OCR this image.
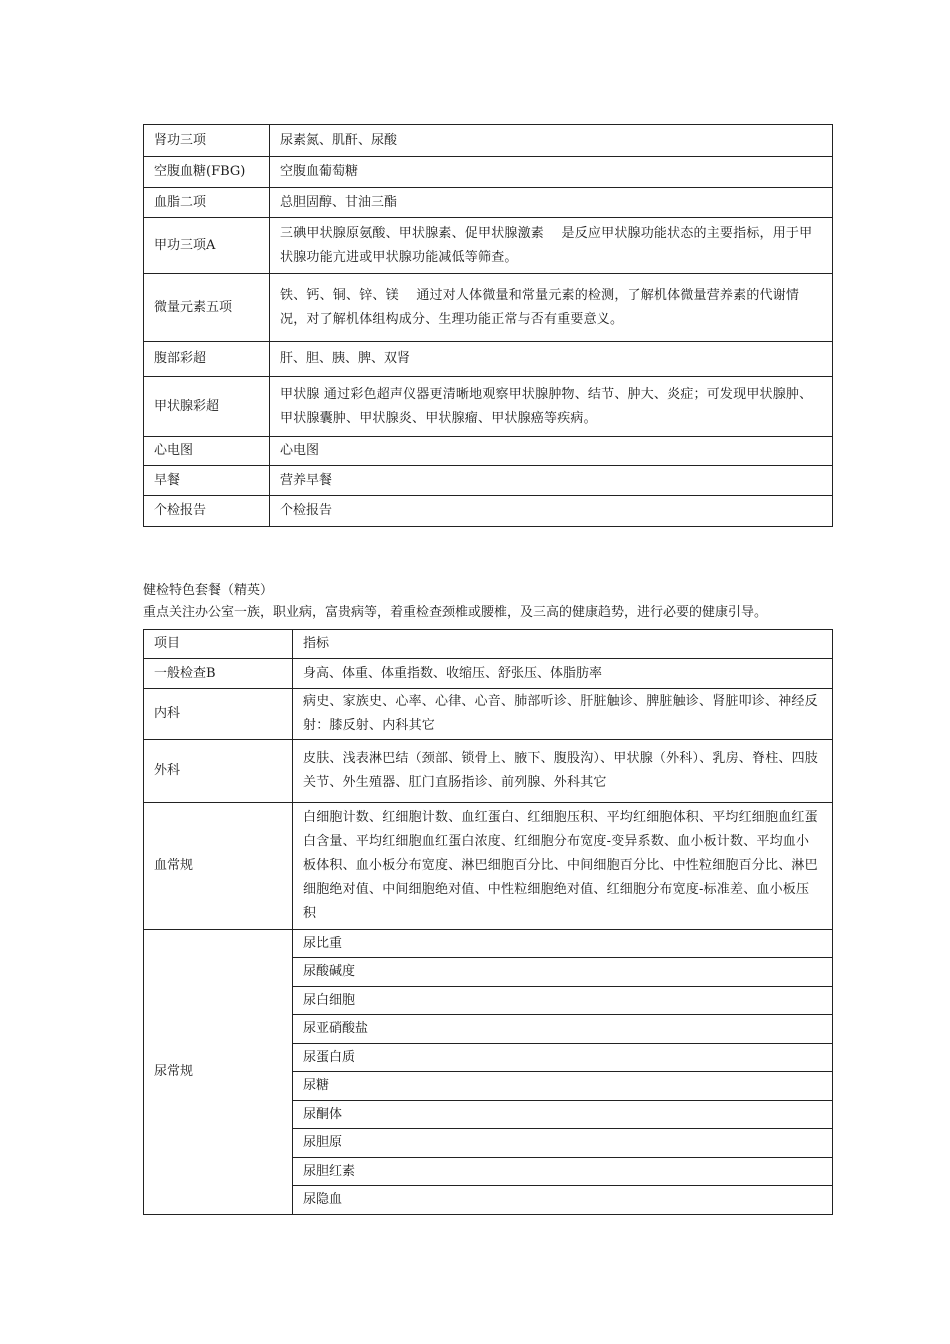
肾功三项	尿素氮、肌酐、尿酸
空腹血糖(FBG)	空腹血葡萄糖
血脂二项	总胆固醇、甘油三酯
甲功三项A	三碘甲状腺原氨酸、甲状腺素、促甲状腺激素　 是反应甲状腺功能状态的主要指标，用于甲状腺功能亢进或甲状腺功能减低等筛查。
微量元素五项	铁、钙、铜、锌、镁　 通过对人体微量和常量元素的检测，了解机体微量营养素的代谢情况，对了解机体组构成分、生理功能正常与否有重要意义。
腹部彩超	肝、胆、胰、脾、双肾
甲状腺彩超	甲状腺 通过彩色超声仪器更清晰地观察甲状腺肿物、结节、肿大、炎症；可发现甲状腺肿、甲状腺囊肿、甲状腺炎、甲状腺瘤、甲状腺癌等疾病。
心电图	心电图
早餐	营养早餐
个检报告	个检报告
健检特色套餐（精英）
重点关注办公室一族，职业病，富贵病等，着重检查颈椎或腰椎，及三高的健康趋势，进行必要的健康引导。
项目	指标
一般检查B	身高、体重、体重指数、收缩压、舒张压、体脂肪率
内科	病史、家族史、心率、心律、心音、肺部听诊、肝脏触诊、脾脏触诊、肾脏叩诊、神经反射：膝反射、内科其它
外科	皮肤、浅表淋巴结（颈部、锁骨上、腋下、腹股沟）、甲状腺（外科）、乳房、脊柱、四肢关节、外生殖器、肛门直肠指诊、前列腺、外科其它
血常规	白细胞计数、红细胞计数、血红蛋白、红细胞压积、平均红细胞体积、平均红细胞血红蛋白含量、平均红细胞血红蛋白浓度、红细胞分布宽度-变异系数、血小板计数、平均血小板体积、血小板分布宽度、淋巴细胞百分比、中间细胞百分比、中性粒细胞百分比、淋巴细胞绝对值、中间细胞绝对值、中性粒细胞绝对值、红细胞分布宽度-标准差、血小板压积
尿常规	尿比重
	尿酸碱度
	尿白细胞
	尿亚硝酸盐
	尿蛋白质
	尿糖
	尿酮体
	尿胆原
	尿胆红素
	尿隐血
